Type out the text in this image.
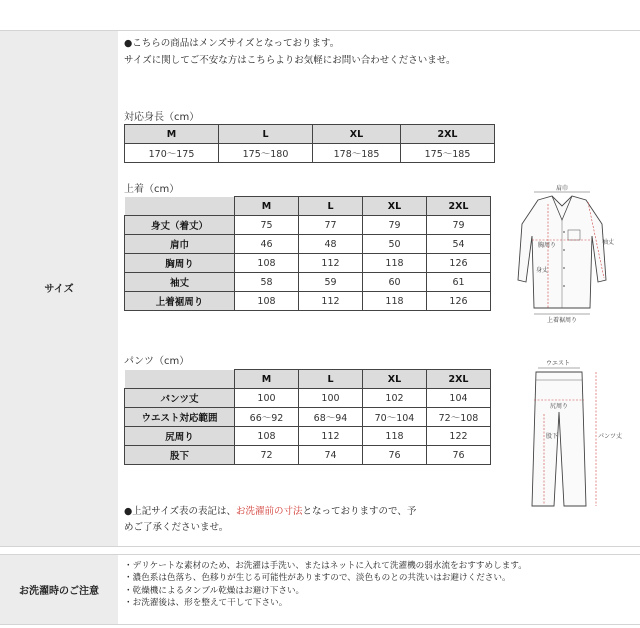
サイズ
お洗濯時のご注意
●こちらの商品はメンズサイズとなっております。
サイズに関してご不安な方はこちらよりお気軽にお問い合わせくださいませ。
対応身長（cm）
M	L	XL	2XL
170～175	175～180	178～185	175～185
上着（cm）
	M	L	XL	2XL
身丈（着丈）	75	77	79	79
肩巾	46	48	50	54
胸周り	108	112	118	126
袖丈	58	59	60	61
上着裾周り	108	112	118	126
肩巾
胸周り
身丈
袖丈
上着裾周り
パンツ（cm）
	M	L	XL	2XL
パンツ丈	100	100	102	104
ウエスト対応範囲	66～92	68～94	70～104	72～108
尻周り	108	112	118	122
股下	72	74	76	76
ウエスト
尻周り
股下	パンツ丈
●上記サイズ表の表記は、お洗濯前の寸法となっておりますので、予
めご了承くださいませ。
・デリケートな素材のため、お洗濯は手洗い、またはネットに入れて洗濯機の弱水流をおすすめします。
・濃色系は色落ち、色移りが生じる可能性がありますので、淡色ものとの共洗いはお避けください。
・乾燥機によるタンブル乾燥はお避け下さい。
・お洗濯後は、形を整えて干して下さい。
